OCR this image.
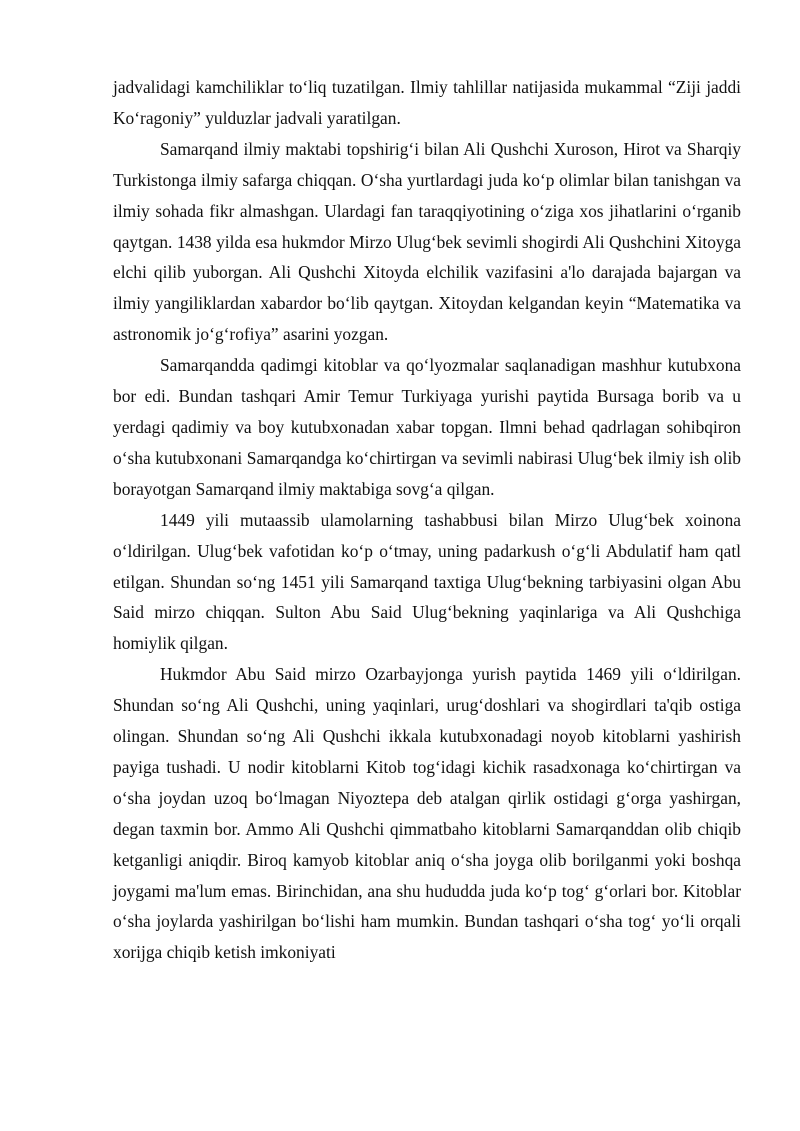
jadvalidagi kamchiliklar to‘liq tuzatilgan. Ilmiy tahlillar natijasida mukammal “Ziji jaddi Ko‘ragoniy” yulduzlar jadvali yaratilgan.

Samarqand ilmiy maktabi topshirig‘i bilan Ali Qushchi Xuroson, Hirot va Sharqiy Turkistonga ilmiy safarga chiqqan. O‘sha yurtlardagi juda ko‘p olimlar bilan tanishgan va ilmiy sohada fikr almashgan. Ulardagi fan taraqqiyotining o‘ziga xos jihatlarini o‘rganib qaytgan. 1438 yilda esa hukmdor Mirzo Ulug‘bek sevimli shogirdi Ali Qushchini Xitoyga elchi qilib yuborgan. Ali Qushchi Xitoyda elchilik vazifasini a'lo darajada bajargan va ilmiy yangiliklardan xabardor bo‘lib qaytgan. Xitoydan kelgandan keyin “Matematika va astronomik jo‘g‘rofiya” asarini yozgan.

Samarqandda qadimgi kitoblar va qo‘lyozmalar saqlanadigan mashhur kutubxona bor edi. Bundan tashqari Amir Temur Turkiyaga yurishi paytida Bursaga borib va u yerdagi qadimiy va boy kutubxonadan xabar topgan. Ilmni behad qadrlagan sohibqiron o‘sha kutubxonani Samarqandga ko‘chirtirgan va sevimli nabirasi Ulug‘bek ilmiy ish olib borayotgan Samarqand ilmiy maktabiga sovg‘a qilgan.

1449 yili mutaassib ulamolarning tashabbusi bilan Mirzo Ulug‘bek xoinona o‘ldirilgan. Ulug‘bek vafotidan ko‘p o‘tmay, uning padarkush o‘g‘li Abdulatif ham qatl etilgan. Shundan so‘ng 1451 yili Samarqand taxtiga Ulug‘bekning tarbiyasini olgan Abu Said mirzo chiqqan. Sulton Abu Said Ulug‘bekning yaqinlariga va Ali Qushchiga homiylik qilgan.

Hukmdor Abu Said mirzo Ozarbayjonga yurish paytida 1469 yili o‘ldirilgan. Shundan so‘ng Ali Qushchi, uning yaqinlari, urug‘doshlari va shogirdlari ta'qib ostiga olingan. Shundan so‘ng Ali Qushchi ikkala kutubxonadagi noyob kitoblarni yashirish payiga tushadi. U nodir kitoblarni Kitob tog‘idagi kichik rasadxonaga ko‘chirtirgan va o‘sha joydan uzoq bo‘lmagan Niyoztepa deb atalgan qirlik ostidagi g‘orga yashirgan, degan taxmin bor. Ammo Ali Qushchi qimmatbaho kitoblarni Samarqanddan olib chiqib ketganligi aniqdir. Biroq kamyob kitoblar aniq o‘sha joyga olib borilganmi yoki boshqa joygami ma'lum emas. Birinchidan, ana shu hududda juda ko‘p tog‘ g‘orlari bor. Kitoblar o‘sha joylarda yashirilgan bo‘lishi ham mumkin. Bundan tashqari o‘sha tog‘ yo‘li orqali xorijga chiqib ketish imkoniyati
